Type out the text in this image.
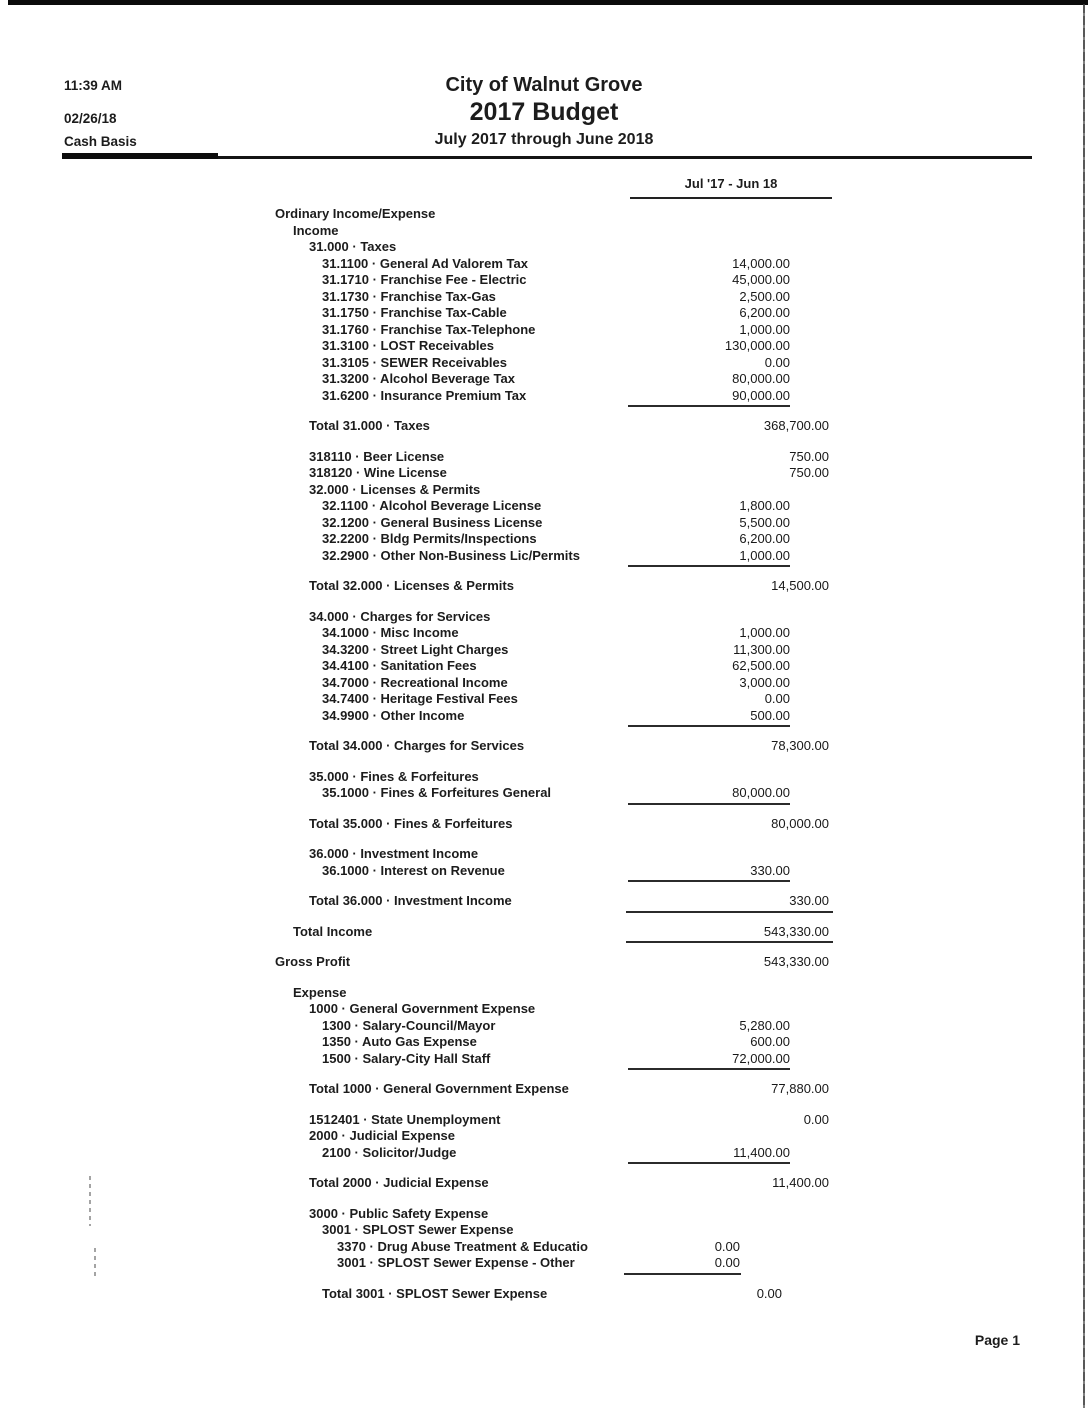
11:39 AM
02/26/18
Cash Basis
City of Walnut Grove
2017 Budget
July 2017 through June 2018
Jul '17 - Jun 18
Ordinary Income/Expense
Income
31.000 · Taxes
31.1100 · General Ad Valorem Tax	14,000.00
31.1710 · Franchise Fee - Electric	45,000.00
31.1730 · Franchise Tax-Gas	2,500.00
31.1750 · Franchise Tax-Cable	6,200.00
31.1760 · Franchise Tax-Telephone	1,000.00
31.3100 · LOST Receivables	130,000.00
31.3105 · SEWER Receivables	0.00
31.3200 · Alcohol Beverage Tax	80,000.00
31.6200 · Insurance Premium Tax	90,000.00
Total 31.000 · Taxes	368,700.00
318110 · Beer License	750.00
318120 · Wine License	750.00
32.000 · Licenses & Permits
32.1100 · Alcohol Beverage License	1,800.00
32.1200 · General Business License	5,500.00
32.2200 · Bldg Permits/Inspections	6,200.00
32.2900 · Other Non-Business Lic/Permits	1,000.00
Total 32.000 · Licenses & Permits	14,500.00
34.000 · Charges for Services
34.1000 · Misc Income	1,000.00
34.3200 · Street Light Charges	11,300.00
34.4100 · Sanitation Fees	62,500.00
34.7000 · Recreational Income	3,000.00
34.7400 · Heritage Festival Fees	0.00
34.9900 · Other Income	500.00
Total 34.000 · Charges for Services	78,300.00
35.000 · Fines & Forfeitures
35.1000 · Fines & Forfeitures General	80,000.00
Total 35.000 · Fines & Forfeitures	80,000.00
36.000 · Investment Income
36.1000 · Interest on Revenue	330.00
Total 36.000 · Investment Income	330.00
Total Income	543,330.00
Gross Profit	543,330.00
Expense
1000 · General Government Expense
1300 · Salary-Council/Mayor	5,280.00
1350 · Auto Gas Expense	600.00
1500 · Salary-City Hall Staff	72,000.00
Total 1000 · General Government Expense	77,880.00
1512401 · State Unemployment	0.00
2000 · Judicial Expense
2100 · Solicitor/Judge	11,400.00
Total 2000 · Judicial Expense	11,400.00
3000 · Public Safety Expense
3001 · SPLOST Sewer Expense
3370 · Drug Abuse Treatment & Educatio	0.00
3001 · SPLOST Sewer Expense - Other	0.00
Total 3001 · SPLOST Sewer Expense	0.00
Page 1
